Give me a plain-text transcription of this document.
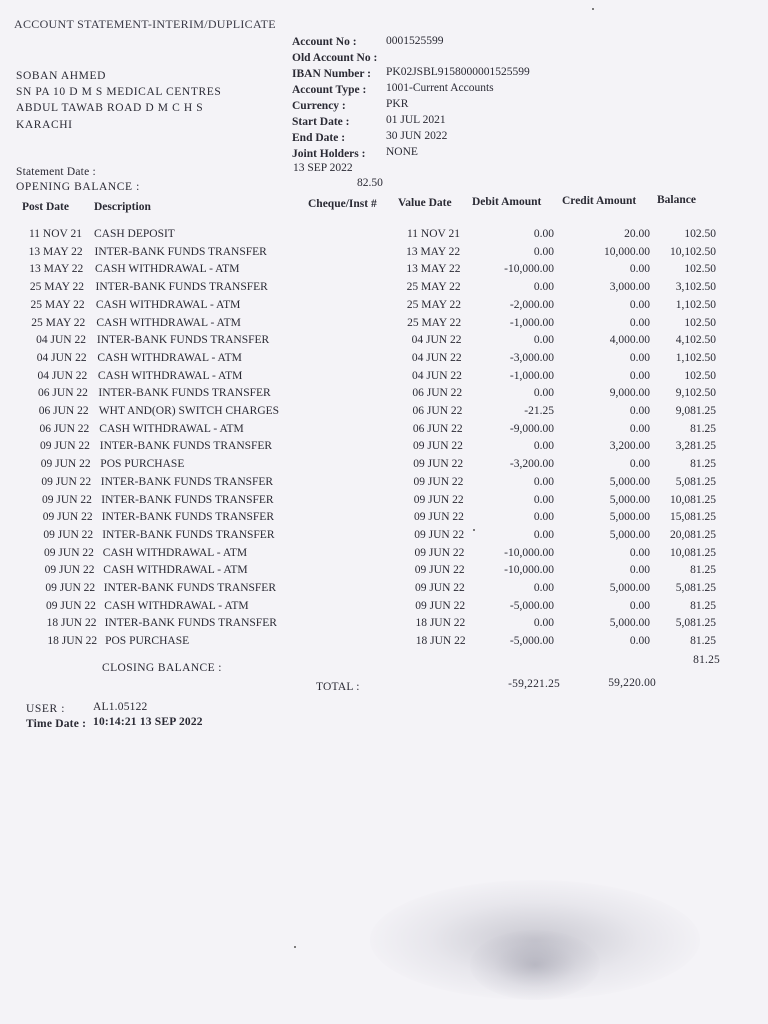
ACCOUNT STATEMENT-INTERIM/DUPLICATE
SOBAN AHMED
SN PA 10 D M S MEDICAL CENTRES
ABDUL TAWAB ROAD D M C H S
KARACHI
Account No :	0001525599
Old Account No :
IBAN Number : PK02JSBL9158000001525599
Account Type : 1001-Current Accounts
Currency :	PKR
Start Date :	01 JUL 2021
End Date :	30 JUN 2022
Joint Holders : NONE
Statement Date :	13 SEP 2022
OPENING BALANCE :	82.50
Post Date Description	Cheque/Inst # Value Date Debit Amount Credit Amount Balance
11 NOV 21 CASH DEPOSIT	11 NOV 21	0.00	20.00	102.50
13 MAY 22 INTER-BANK FUNDS TRANSFER	13 MAY 22	0.00	10,000.00	10,102.50
13 MAY 22 CASH WITHDRAWAL - ATM	13 MAY 22	-10,000.00	0.00	102.50
25 MAY 22 INTER-BANK FUNDS TRANSFER	25 MAY 22	0.00	3,000.00	3,102.50
25 MAY 22 CASH WITHDRAWAL - ATM	25 MAY 22	-2,000.00	0.00	1,102.50
25 MAY 22 CASH WITHDRAWAL - ATM	25 MAY 22	-1,000.00	0.00	102.50
04 JUN 22 INTER-BANK FUNDS TRANSFER	04 JUN 22	0.00	4,000.00	4,102.50
04 JUN 22 CASH WITHDRAWAL - ATM	04 JUN 22	-3,000.00	0.00	1,102.50
04 JUN 22 CASH WITHDRAWAL - ATM	04 JUN 22	-1,000.00	0.00	102.50
06 JUN 22 INTER-BANK FUNDS TRANSFER	06 JUN 22	0.00	9,000.00	9,102.50
06 JUN 22 WHT AND(OR) SWITCH CHARGES	06 JUN 22	-21.25	0.00	9,081.25
06 JUN 22 CASH WITHDRAWAL - ATM	06 JUN 22	-9,000.00	0.00	81.25
09 JUN 22 INTER-BANK FUNDS TRANSFER	09 JUN 22	0.00	3,200.00	3,281.25
09 JUN 22 POS PURCHASE	09 JUN 22	-3,200.00	0.00	81.25
09 JUN 22 INTER-BANK FUNDS TRANSFER	09 JUN 22	0.00	5,000.00	5,081.25
09 JUN 22 INTER-BANK FUNDS TRANSFER	09 JUN 22	0.00	5,000.00	10,081.25
09 JUN 22 INTER-BANK FUNDS TRANSFER	09 JUN 22	0.00	5,000.00	15,081.25
09 JUN 22 INTER-BANK FUNDS TRANSFER	09 JUN 22	0.00	5,000.00	20,081.25
09 JUN 22 CASH WITHDRAWAL - ATM	09 JUN 22	-10,000.00	0.00	10,081.25
09 JUN 22 CASH WITHDRAWAL - ATM	09 JUN 22	-10,000.00	0.00	81.25
09 JUN 22 INTER-BANK FUNDS TRANSFER	09 JUN 22	0.00	5,000.00	5,081.25
09 JUN 22 CASH WITHDRAWAL - ATM	09 JUN 22	-5,000.00	0.00	81.25
18 JUN 22 INTER-BANK FUNDS TRANSFER	18 JUN 22	0.00	5,000.00	5,081.25
18 JUN 22 POS PURCHASE	18 JUN 22	-5,000.00	0.00	81.25
CLOSING BALANCE :
81.25
TOTAL :	-59,221.25	59,220.00
USER : AL1.05122
Time Date : 10:14:21 13 SEP 2022
